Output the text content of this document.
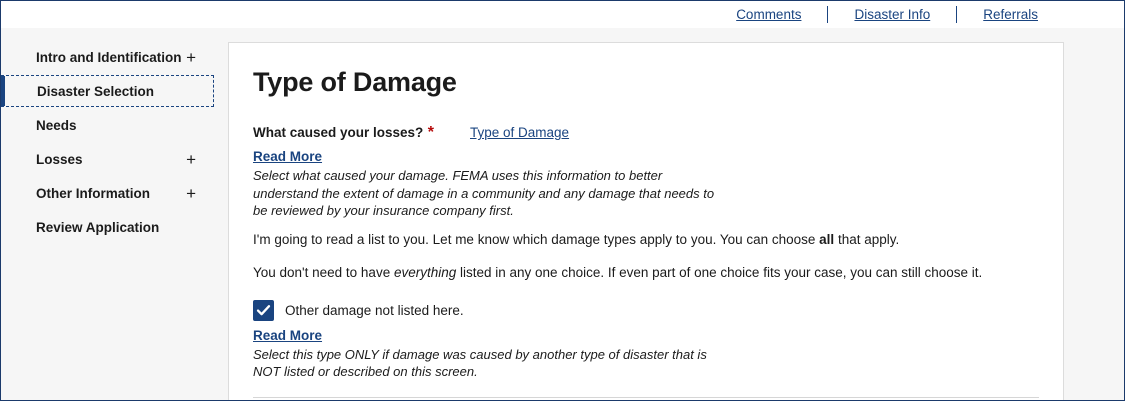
Comments	Disaster Info	Referrals
Intro and Identification +
Disaster Selection
Needs
Losses	+
Other Information +
Review Application
Type of Damage
What caused your losses? *	Type of Damage
Read More

Select what caused your damage. FEMA uses this information to better
understand the extent of damage in a community and any damage that needs to
be reviewed by your insurance company first.

I'm going to read a list to you. Let me know which damage types apply to you. You can choose all that apply.

You don't need to have everything listed in any one choice. If even part of one choice fits your case, you can still choose it.

Other damage not listed here.
Read More

Select this type ONLY if damage was caused by another type of disaster that is
NOT listed or described on this screen.
